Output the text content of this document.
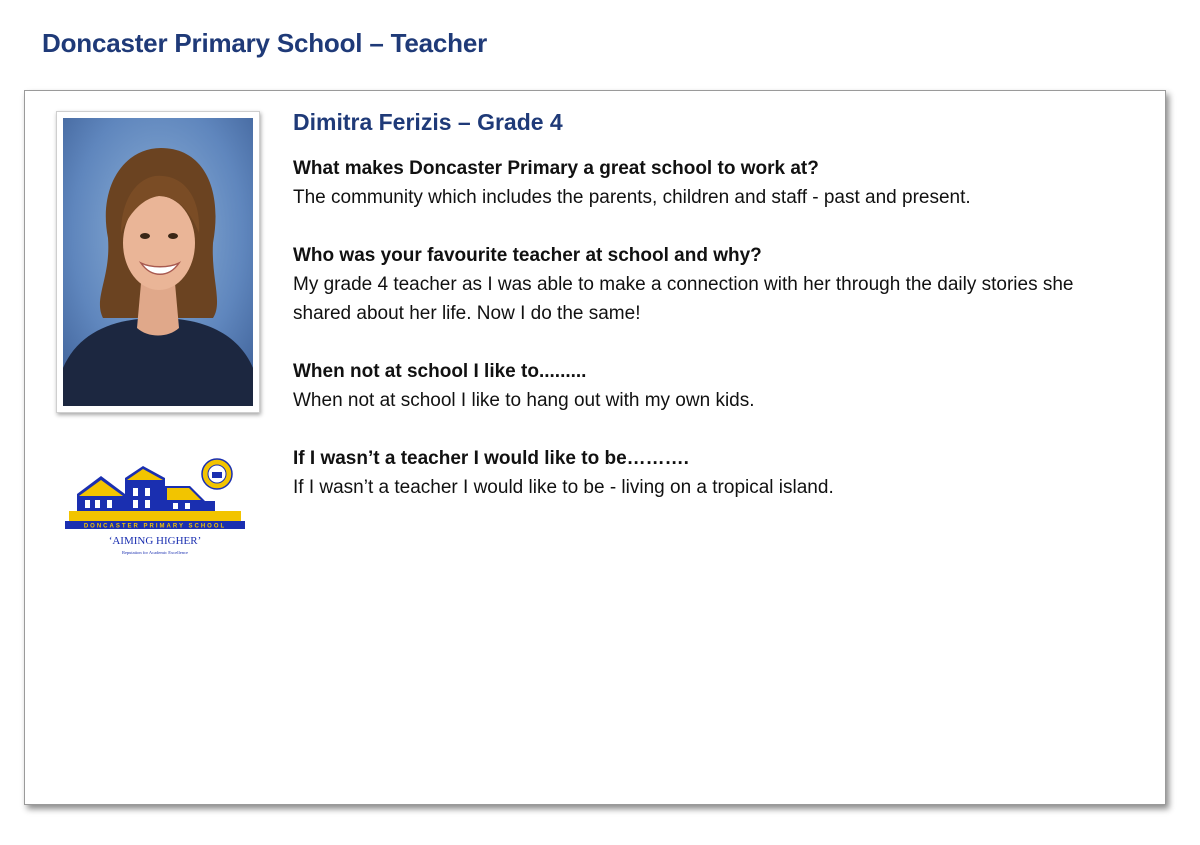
Doncaster Primary School – Teacher
DONCASTER PRIMARY SCHOOL
‘AIMING HIGHER’
Reputation for Academic Excellence
Dimitra Ferizis – Grade 4
What makes Doncaster Primary a great school to work at?
The community which includes the parents, children and staff - past and present.
Who was your favourite teacher at school and why?
My grade 4 teacher as I was able to make a connection with her through the daily stories she shared about her life. Now I do the same!
When not at school I like to.........
When not at school I like to hang out with my own kids.
If I wasn’t a teacher I would like to be……….
If I wasn’t a teacher I would like to be - living on a tropical island.
